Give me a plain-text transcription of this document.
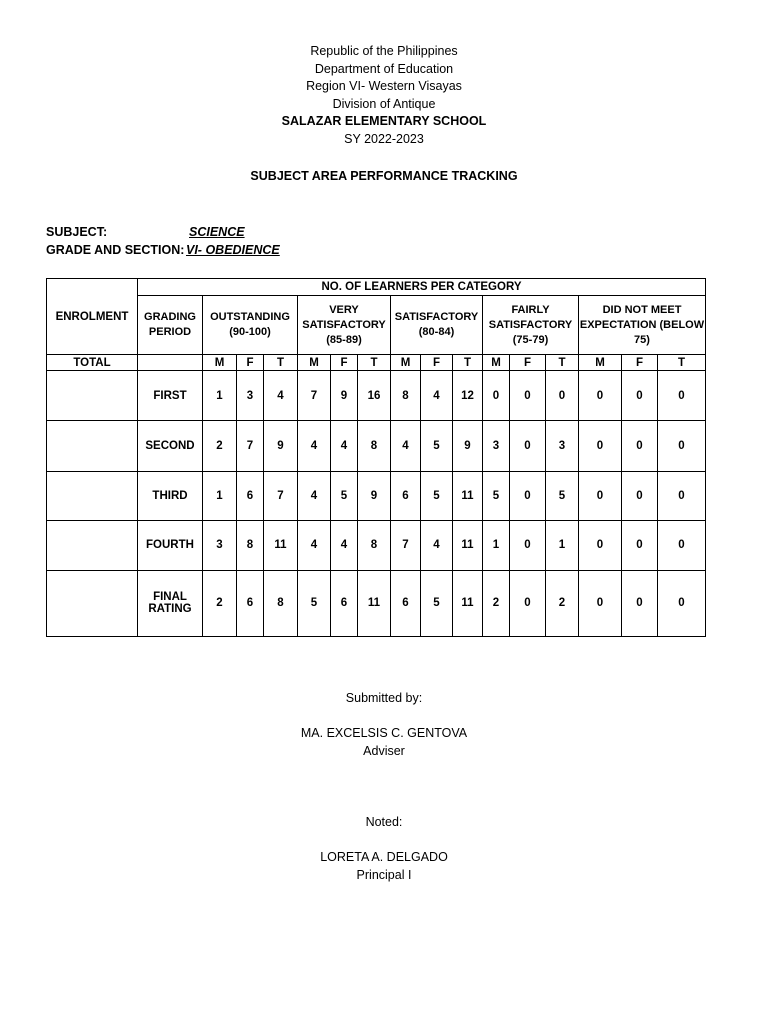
Republic of the Philippines
Department of Education
Region VI- Western Visayas
Division of Antique
SALAZAR ELEMENTARY SCHOOL
SY 2022-2023
SUBJECT AREA PERFORMANCE TRACKING
SUBJECT:	SCIENCE
GRADE AND SECTION: VI- OBEDIENCE
ENROLMENT	NO. OF LEARNERS PER CATEGORY															
	GRADING PERIOD	OUTSTANDING (90-100)			VERY SATISFACTORY (85-89)			SATISFACTORY (80-84)			FAIRLY SATISFACTORY (75-79)			DID NOT MEET EXPECTATION (BELOW 75)		
TOTAL		M	F	T	M	F	T	M	F	T	M	F	T	M	F	T
	FIRST	1	3	4	7	9	16	8	4	12	0	0	0	0	0	0
	SECOND	2	7	9	4	4	8	4	5	9	3	0	3	0	0	0
	THIRD	1	6	7	4	5	9	6	5	11	5	0	5	0	0	0
	FOURTH	3	8	11	4	4	8	7	4	11	1	0	1	0	0	0
	FINAL RATING	2	6	8	5	6	11	6	5	11	2	0	2	0	0	0
Submitted by:
MA. EXCELSIS C. GENTOVA
Adviser
Noted:
LORETA A. DELGADO
Principal I
